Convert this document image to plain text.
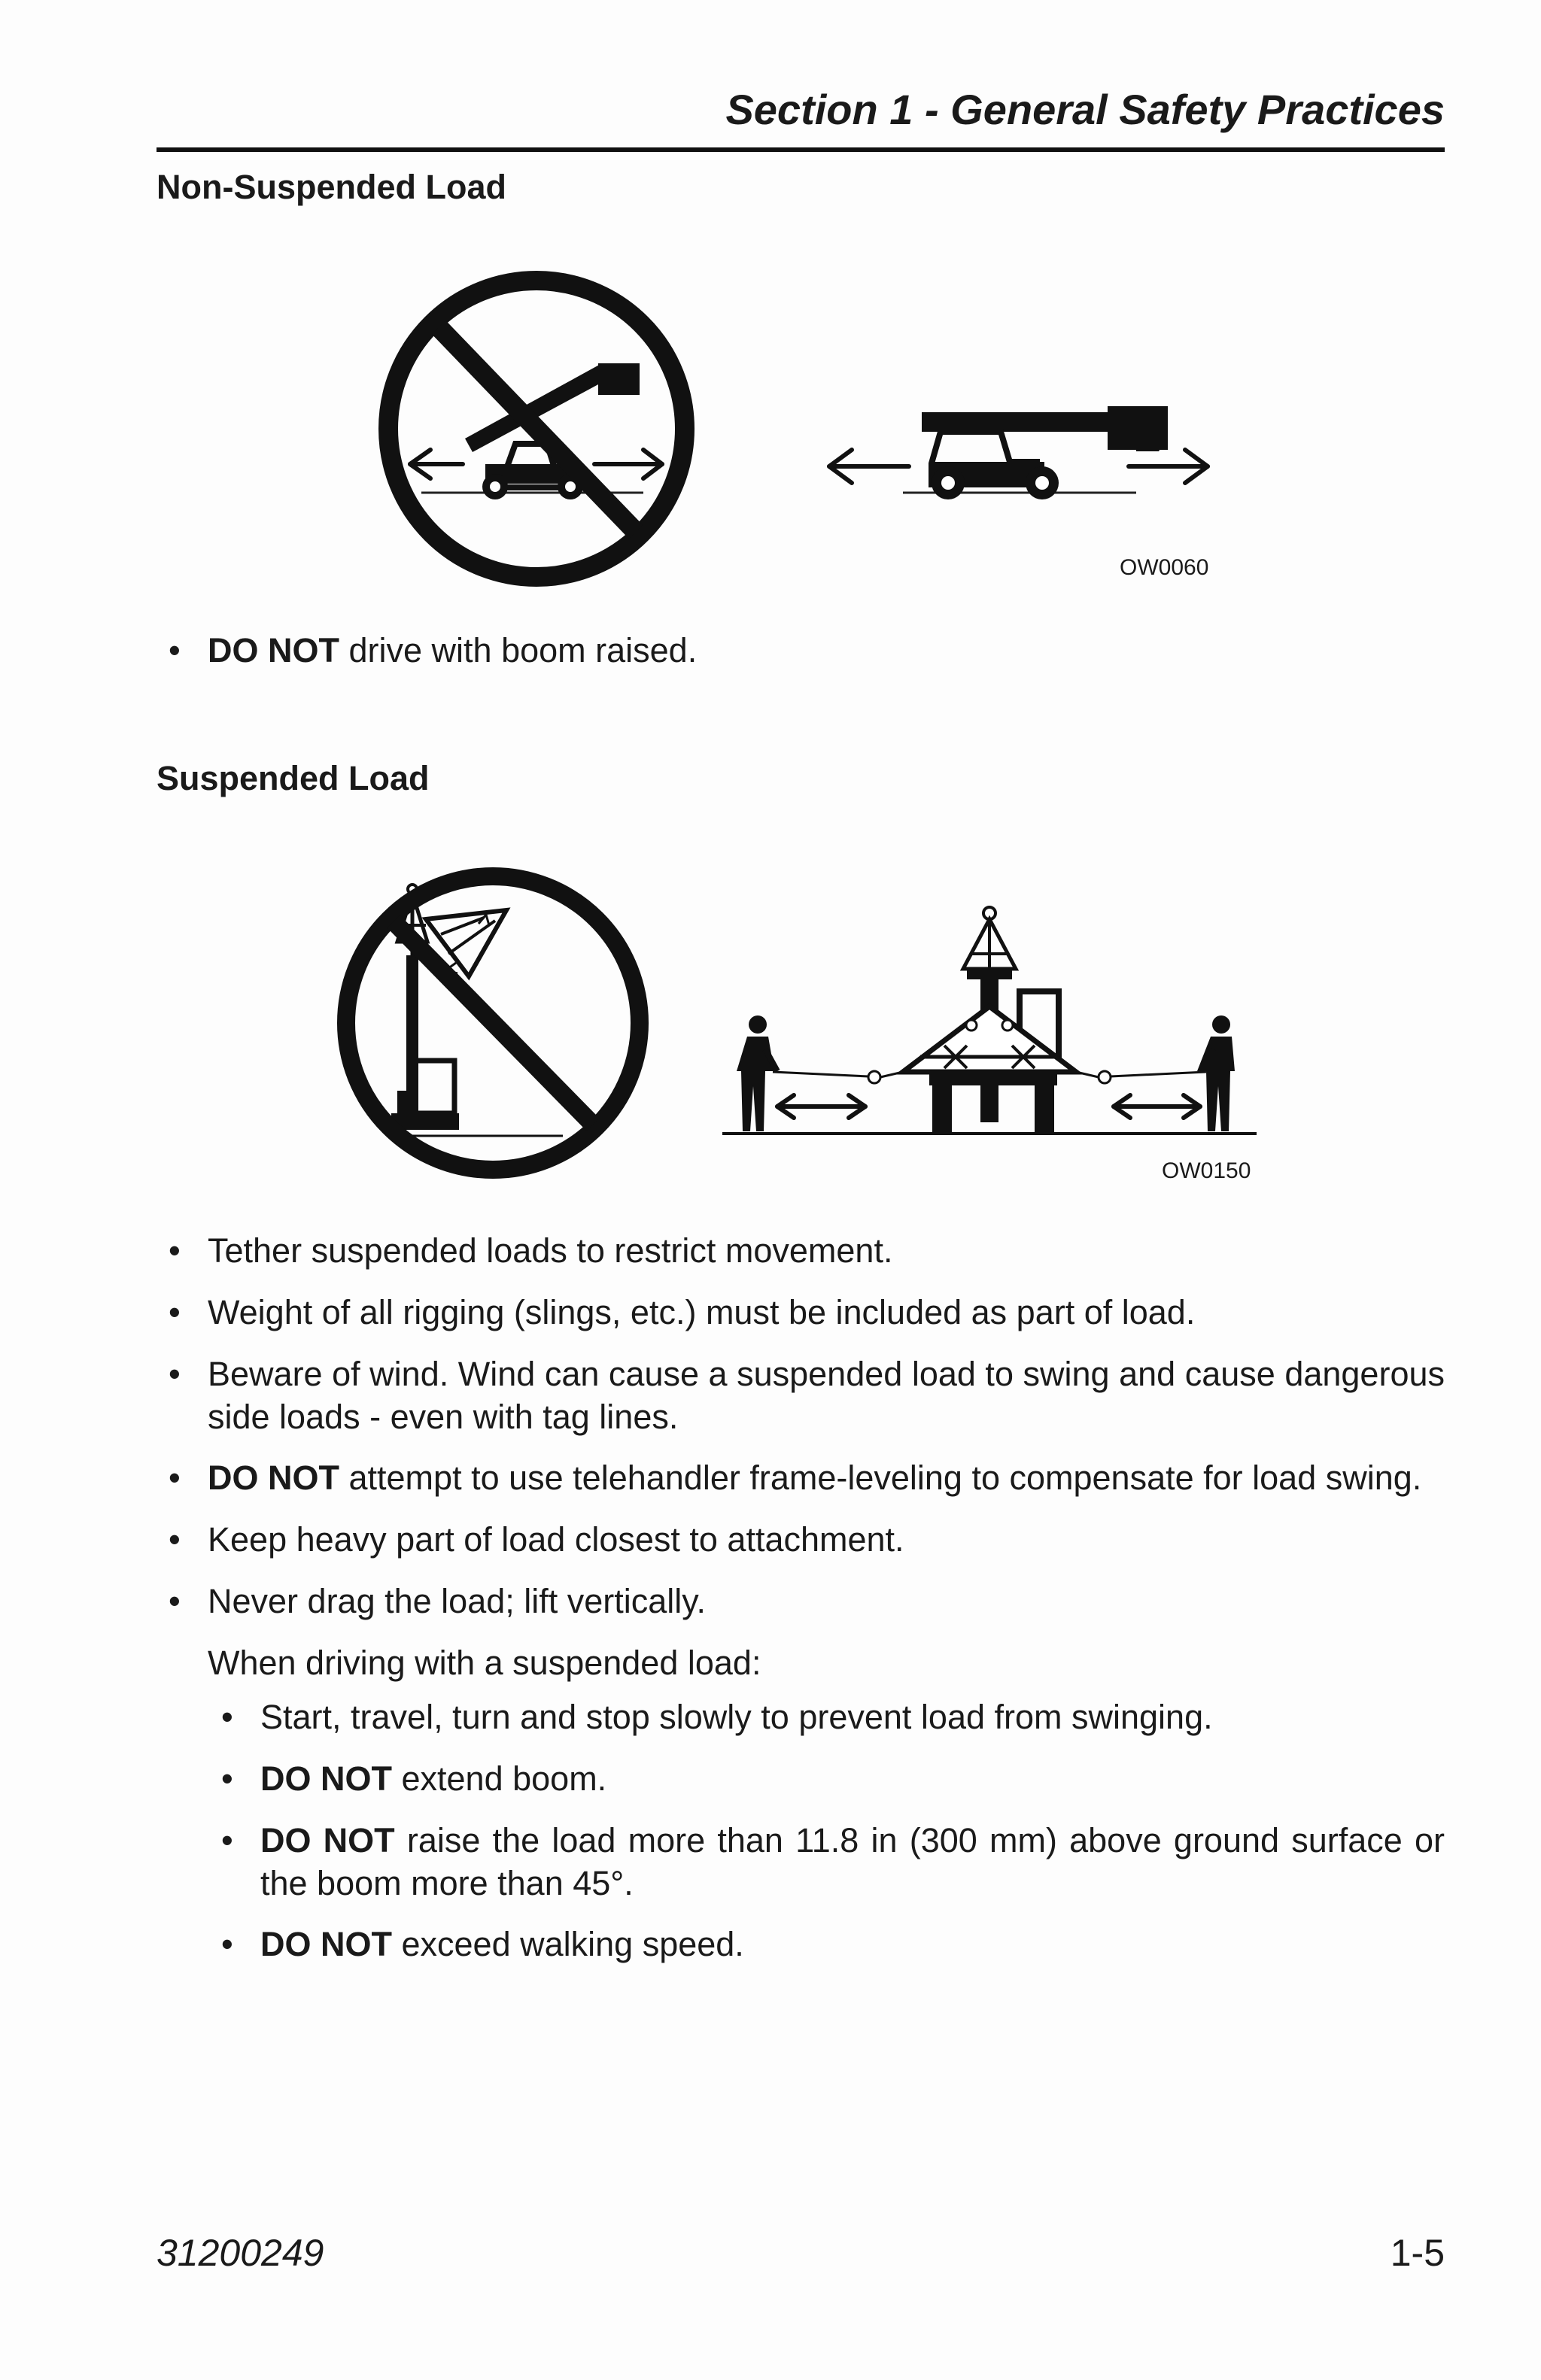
Section 1 - General Safety Practices
Non-Suspended Load
OW0060
• DO NOT drive with boom raised.
Suspended Load
OW0150
• Tether suspended loads to restrict movement.
• Weight of all rigging (slings, etc.) must be included as part of load.
• Beware of wind. Wind can cause a suspended load to swing and cause dangerous side loads - even with tag lines.
• DO NOT attempt to use telehandler frame-leveling to compensate for load swing.
• Keep heavy part of load closest to attachment.
• Never drag the load; lift vertically.
When driving with a suspended load:
• Start, travel, turn and stop slowly to prevent load from swinging.
• DO NOT extend boom.
• DO NOT raise the load more than 11.8 in (300 mm) above ground surface or the boom more than 45°.
• DO NOT exceed walking speed.
31200249	1-5
